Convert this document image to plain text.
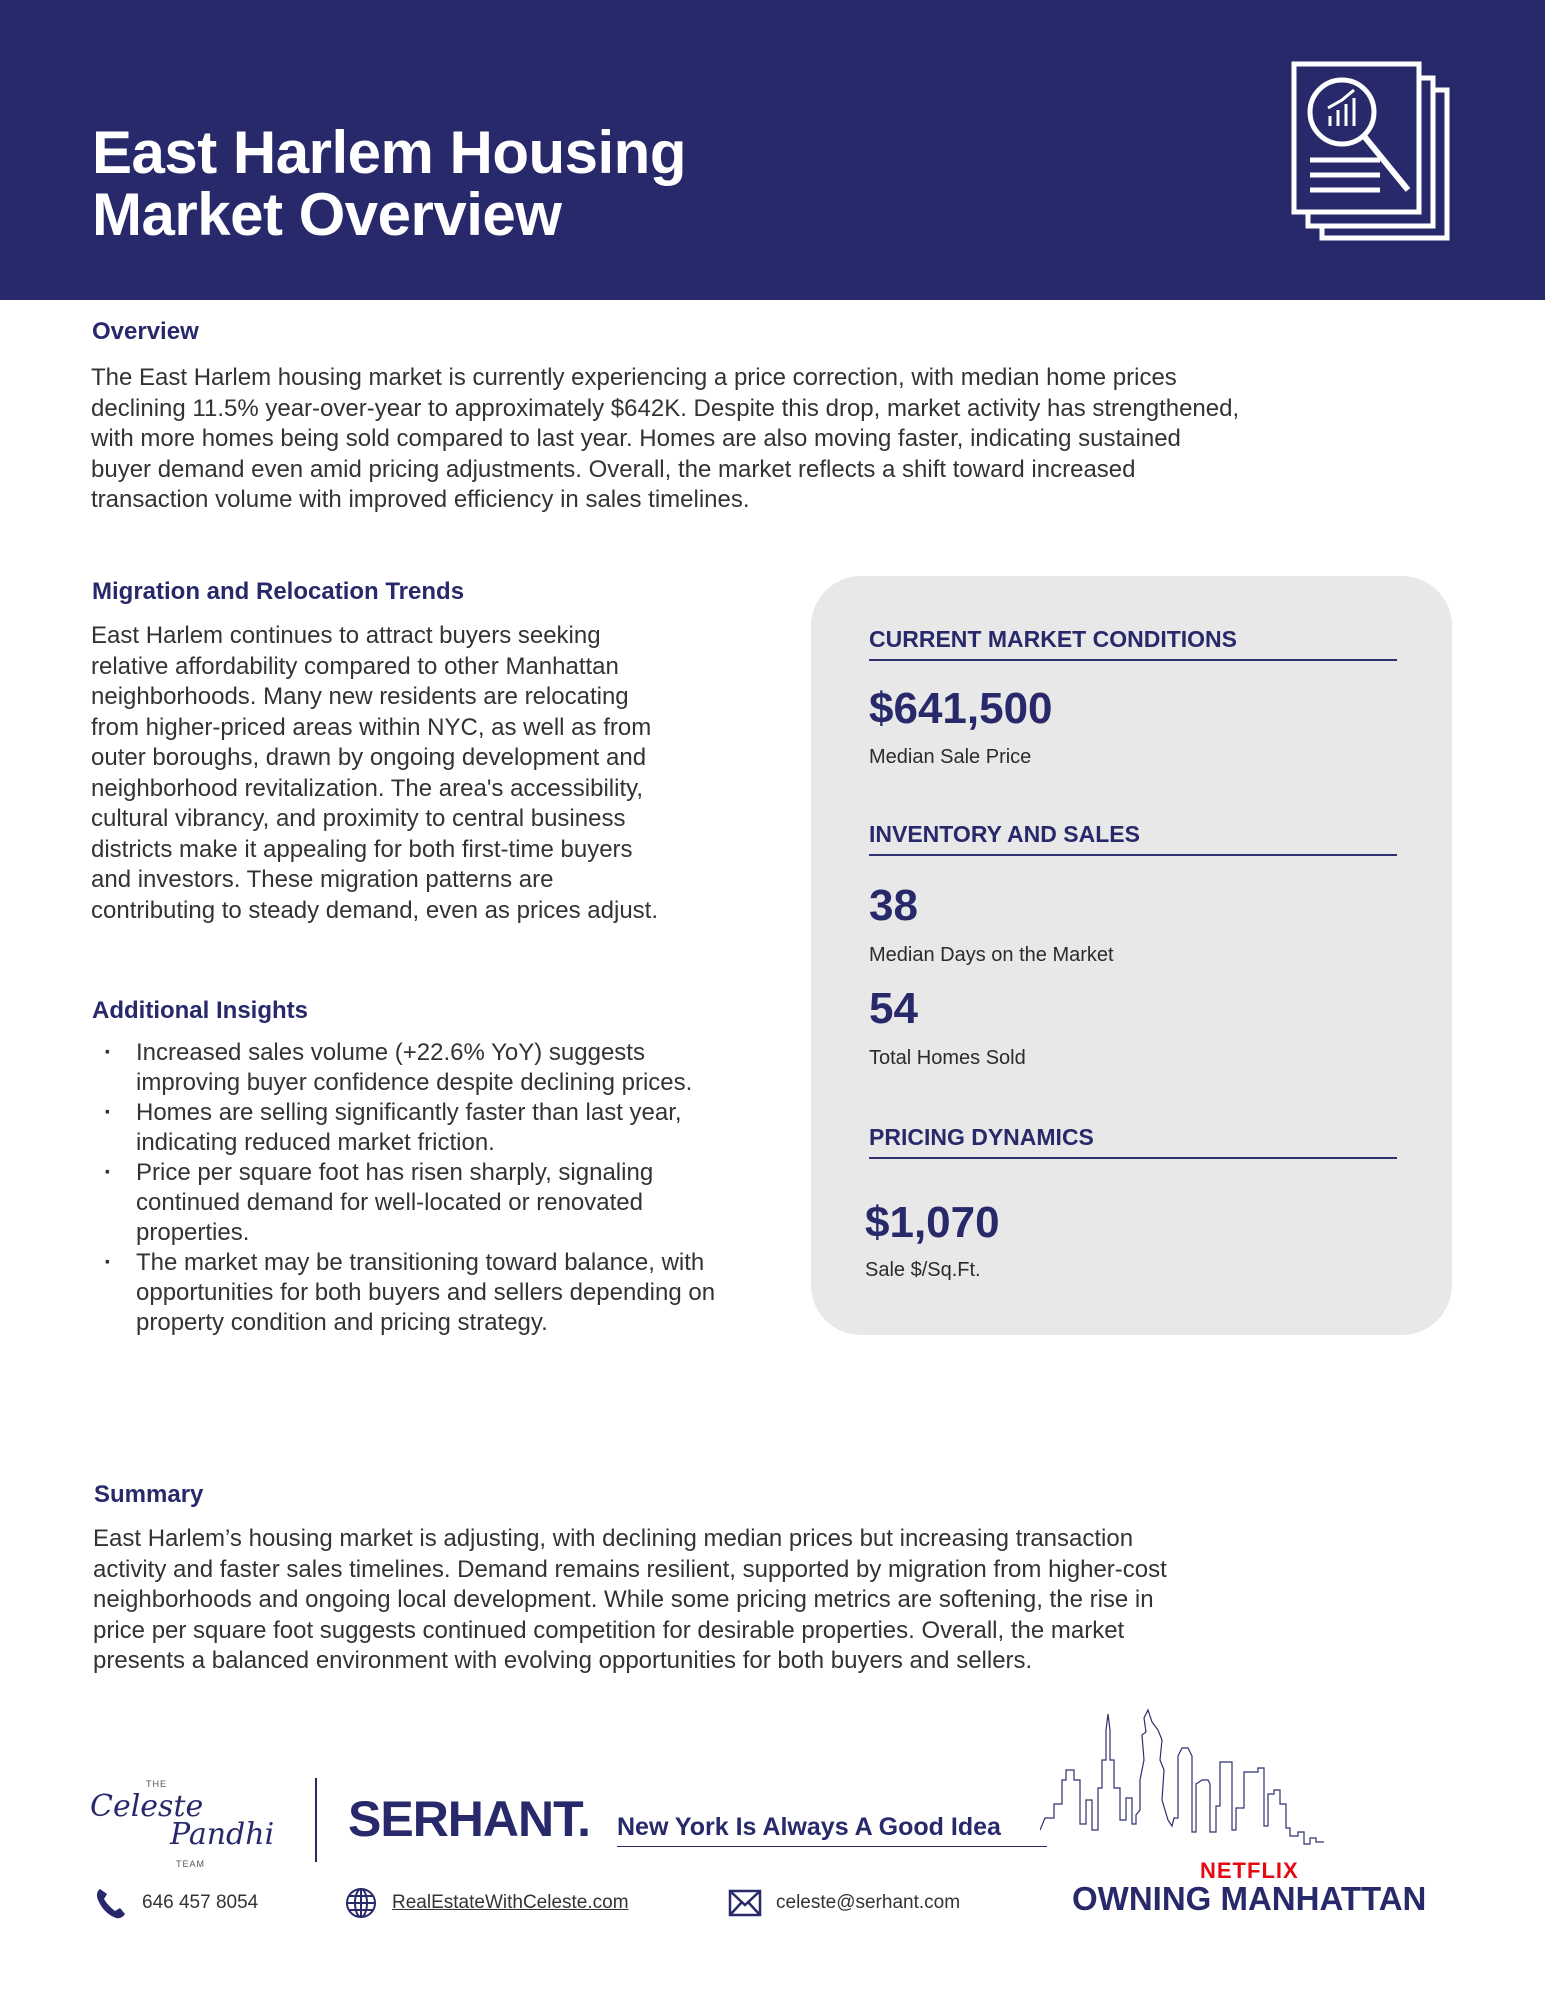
East Harlem Housing
Market Overview
Overview
The East Harlem housing market is currently experiencing a price correction, with median home prices
declining 11.5% year-over-year to approximately $642K. Despite this drop, market activity has strengthened,
with more homes being sold compared to last year. Homes are also moving faster, indicating sustained
buyer demand even amid pricing adjustments. Overall, the market reflects a shift toward increased
transaction volume with improved efficiency in sales timelines.
Migration and Relocation Trends
East Harlem continues to attract buyers seeking
relative affordability compared to other Manhattan
neighborhoods. Many new residents are relocating
from higher-priced areas within NYC, as well as from
outer boroughs, drawn by ongoing development and
neighborhood revitalization. The area's accessibility,
cultural vibrancy, and proximity to central business
districts make it appealing for both first-time buyers
and investors. These migration patterns are
contributing to steady demand, even as prices adjust.
Additional Insights
· Increased sales volume (+22.6% YoY) suggests improving buyer confidence despite declining prices.
· Homes are selling significantly faster than last year, indicating reduced market friction.
· Price per square foot has risen sharply, signaling continued demand for well-located or renovated properties.
· The market may be transitioning toward balance, with opportunities for both buyers and sellers depending on property condition and pricing strategy.
CURRENT MARKET CONDITIONS
$641,500
Median Sale Price
INVENTORY AND SALES
38
Median Days on the Market
54
Total Homes Sold
PRICING DYNAMICS
$1,070
Sale $/Sq.Ft.
Summary
East Harlem’s housing market is adjusting, with declining median prices but increasing transaction
activity and faster sales timelines. Demand remains resilient, supported by migration from higher-cost
neighborhoods and ongoing local development. While some pricing metrics are softening, the rise in
price per square foot suggests continued competition for desirable properties. Overall, the market
presents a balanced environment with evolving opportunities for both buyers and sellers.
THE
Celeste
Pandhi
TEAM
SERHANT. New York Is Always A Good Idea
646 457 8054	RealEstateWithCeleste.com	celeste@serhant.com
NETFLIX
OWNING MANHATTAN
